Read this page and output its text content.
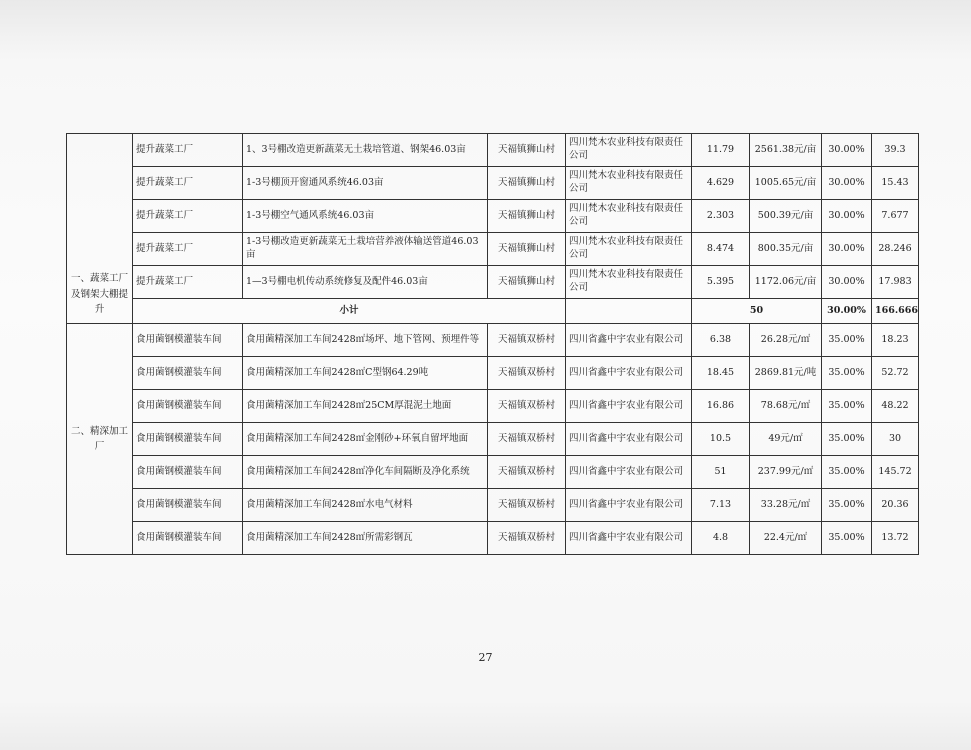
一、蔬菜工厂及钢架大棚提升	提升蔬菜工厂	1、3号棚改造更新蔬菜无土栽培管道、钢架46.03亩	天福镇狮山村	四川梵木农业科技有限责任公司	11.79	2561.38元/亩	30.00%	39.3
	提升蔬菜工厂	1-3号棚顶开窗通风系统46.03亩	天福镇狮山村	四川梵木农业科技有限责任公司	4.629	1005.65元/亩	30.00%	15.43
	提升蔬菜工厂	1-3号棚空气通风系统46.03亩	天福镇狮山村	四川梵木农业科技有限责任公司	2.303	500.39元/亩	30.00%	7.677
	提升蔬菜工厂	1-3号棚改造更新蔬菜无土栽培营养液体输送管道46.03亩	天福镇狮山村	四川梵木农业科技有限责任公司	8.474	800.35元/亩	30.00%	28.246
	提升蔬菜工厂	1—3号棚电机传动系统修复及配件46.03亩	天福镇狮山村	四川梵木农业科技有限责任公司	5.395	1172.06元/亩	30.00%	17.983
	小计				50		30.00%	166.666
二、精深加工厂	食用菌钢模灌装车间	食用菌精深加工车间2428㎡场坪、地下管网、预埋件等	天福镇双桥村	四川省鑫中宇农业有限公司	6.38	26.28元/㎡	35.00%	18.23
	食用菌钢模灌装车间	食用菌精深加工车间2428㎡C型钢64.29吨	天福镇双桥村	四川省鑫中宇农业有限公司	18.45	2869.81元/吨	35.00%	52.72
	食用菌钢模灌装车间	食用菌精深加工车间2428㎡25CM厚混泥土地面	天福镇双桥村	四川省鑫中宇农业有限公司	16.86	78.68元/㎡	35.00%	48.22
	食用菌钢模灌装车间	食用菌精深加工车间2428㎡金刚砂+环氧自留坪地面	天福镇双桥村	四川省鑫中宇农业有限公司	10.5	49元/㎡	35.00%	30
	食用菌钢模灌装车间	食用菌精深加工车间2428㎡净化车间隔断及净化系统	天福镇双桥村	四川省鑫中宇农业有限公司	51	237.99元/㎡	35.00%	145.72
	食用菌钢模灌装车间	食用菌精深加工车间2428㎡水电气材料	天福镇双桥村	四川省鑫中宇农业有限公司	7.13	33.28元/㎡	35.00%	20.36
	食用菌钢模灌装车间	食用菌精深加工车间2428㎡所需彩钢瓦	天福镇双桥村	四川省鑫中宇农业有限公司	4.8	22.4元/㎡	35.00%	13.72
27
